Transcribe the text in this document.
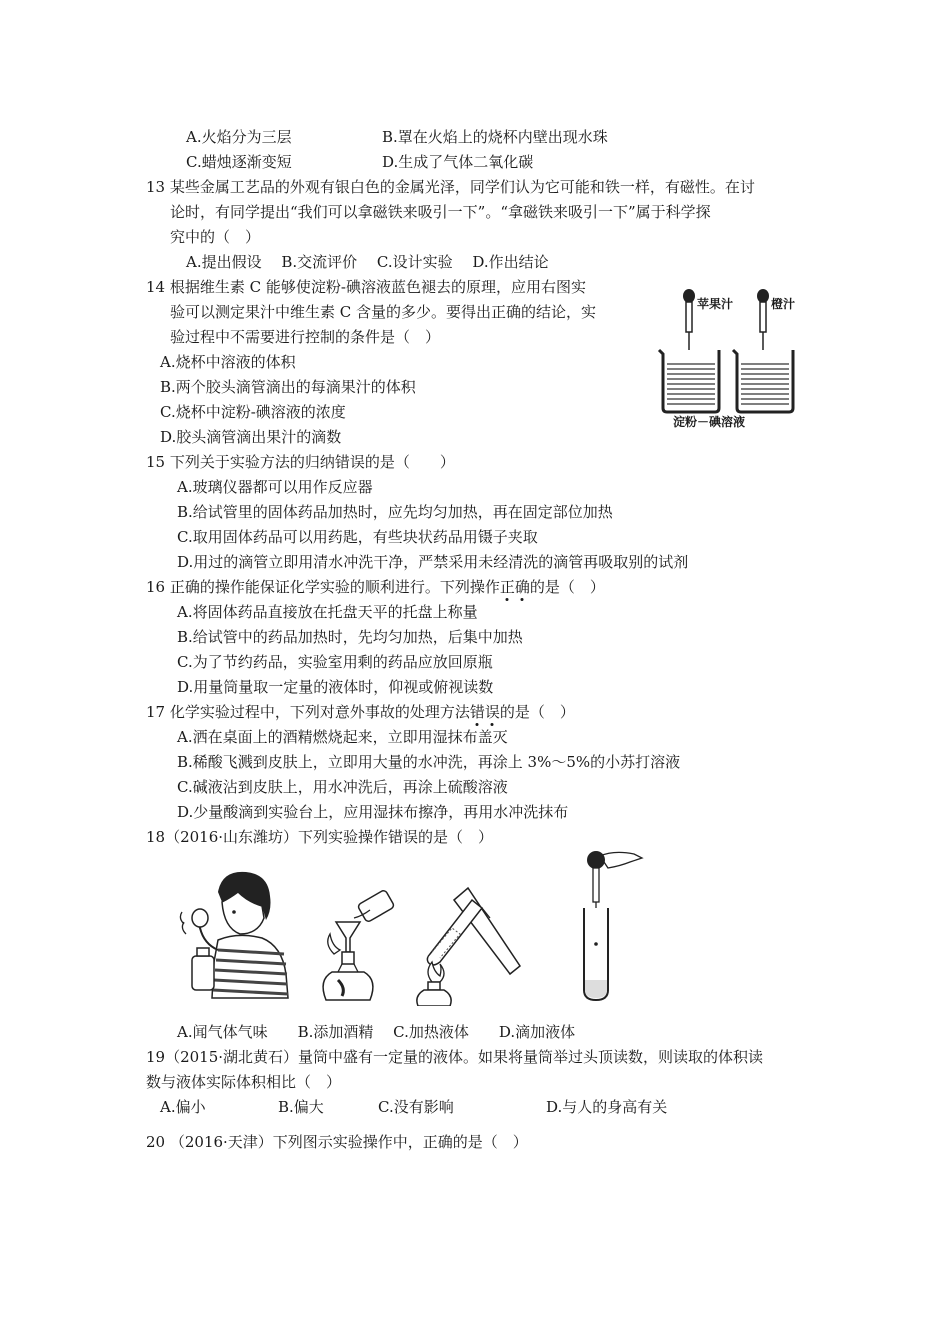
A.火焰分为三层	B.罩在火焰上的烧杯内壁出现水珠
C.蜡烛逐渐变短	D.生成了气体二氧化碳
13 某些金属工艺品的外观有银白色的金属光泽，同学们认为它可能和铁一样，有磁性。在讨
论时，有同学提出“我们可以拿磁铁来吸引一下”。“拿磁铁来吸引一下”属于科学探
究中的（　）
A.提出假设　 B.交流评价　 C.设计实验　 D.作出结论
14 根据维生素 C 能够使淀粉-碘溶液蓝色褪去的原理，应用右图实
验可以测定果汁中维生素 C 含量的多少。要得出正确的结论，实
验过程中不需要进行控制的条件是（　）
A.烧杯中溶液的体积
B.两个胶头滴管滴出的每滴果汁的体积
C.烧杯中淀粉-碘溶液的浓度
D.胶头滴管滴出果汁的滴数
苹果汁	橙汁
淀粉－碘溶液
15 下列关于实验方法的归纳错误的是（　　）
A.玻璃仪器都可以用作反应器
B.给试管里的固体药品加热时，应先均匀加热，再在固定部位加热
C.取用固体药品可以用药匙，有些块状药品用镊子夹取
D.用过的滴管立即用清水冲洗干净，严禁采用未经清洗的滴管再吸取别的试剂
16 正确的操作能保证化学实验的顺利进行。下列操作正确的是（　）
A.将固体药品直接放在托盘天平的托盘上称量
B.给试管中的药品加热时，先均匀加热，后集中加热
C.为了节约药品，实验室用剩的药品应放回原瓶
D.用量筒量取一定量的液体时，仰视或俯视读数
17 化学实验过程中，下列对意外事故的处理方法错误的是（　）
A.洒在桌面上的酒精燃烧起来，立即用湿抹布盖灭
B.稀酸飞溅到皮肤上，立即用大量的水冲洗，再涂上 3%～5%的小苏打溶液
C.碱液沾到皮肤上，用水冲洗后，再涂上硫酸溶液
D.少量酸滴到实验台上，应用湿抹布擦净，再用水冲洗抹布
18（2016·山东潍坊）下列实验操作错误的是（　）
A.闻气体气味　　B.添加酒精　 C.加热液体　　D.滴加液体
19（2015·湖北黄石）量筒中盛有一定量的液体。如果将量筒举过头顶读数，则读取的体积读
数与液体实际体积相比（　）
A.偏小	B.偏大	C.没有影响	D.与人的身高有关
20 （2016·天津）下列图示实验操作中，正确的是（　）
